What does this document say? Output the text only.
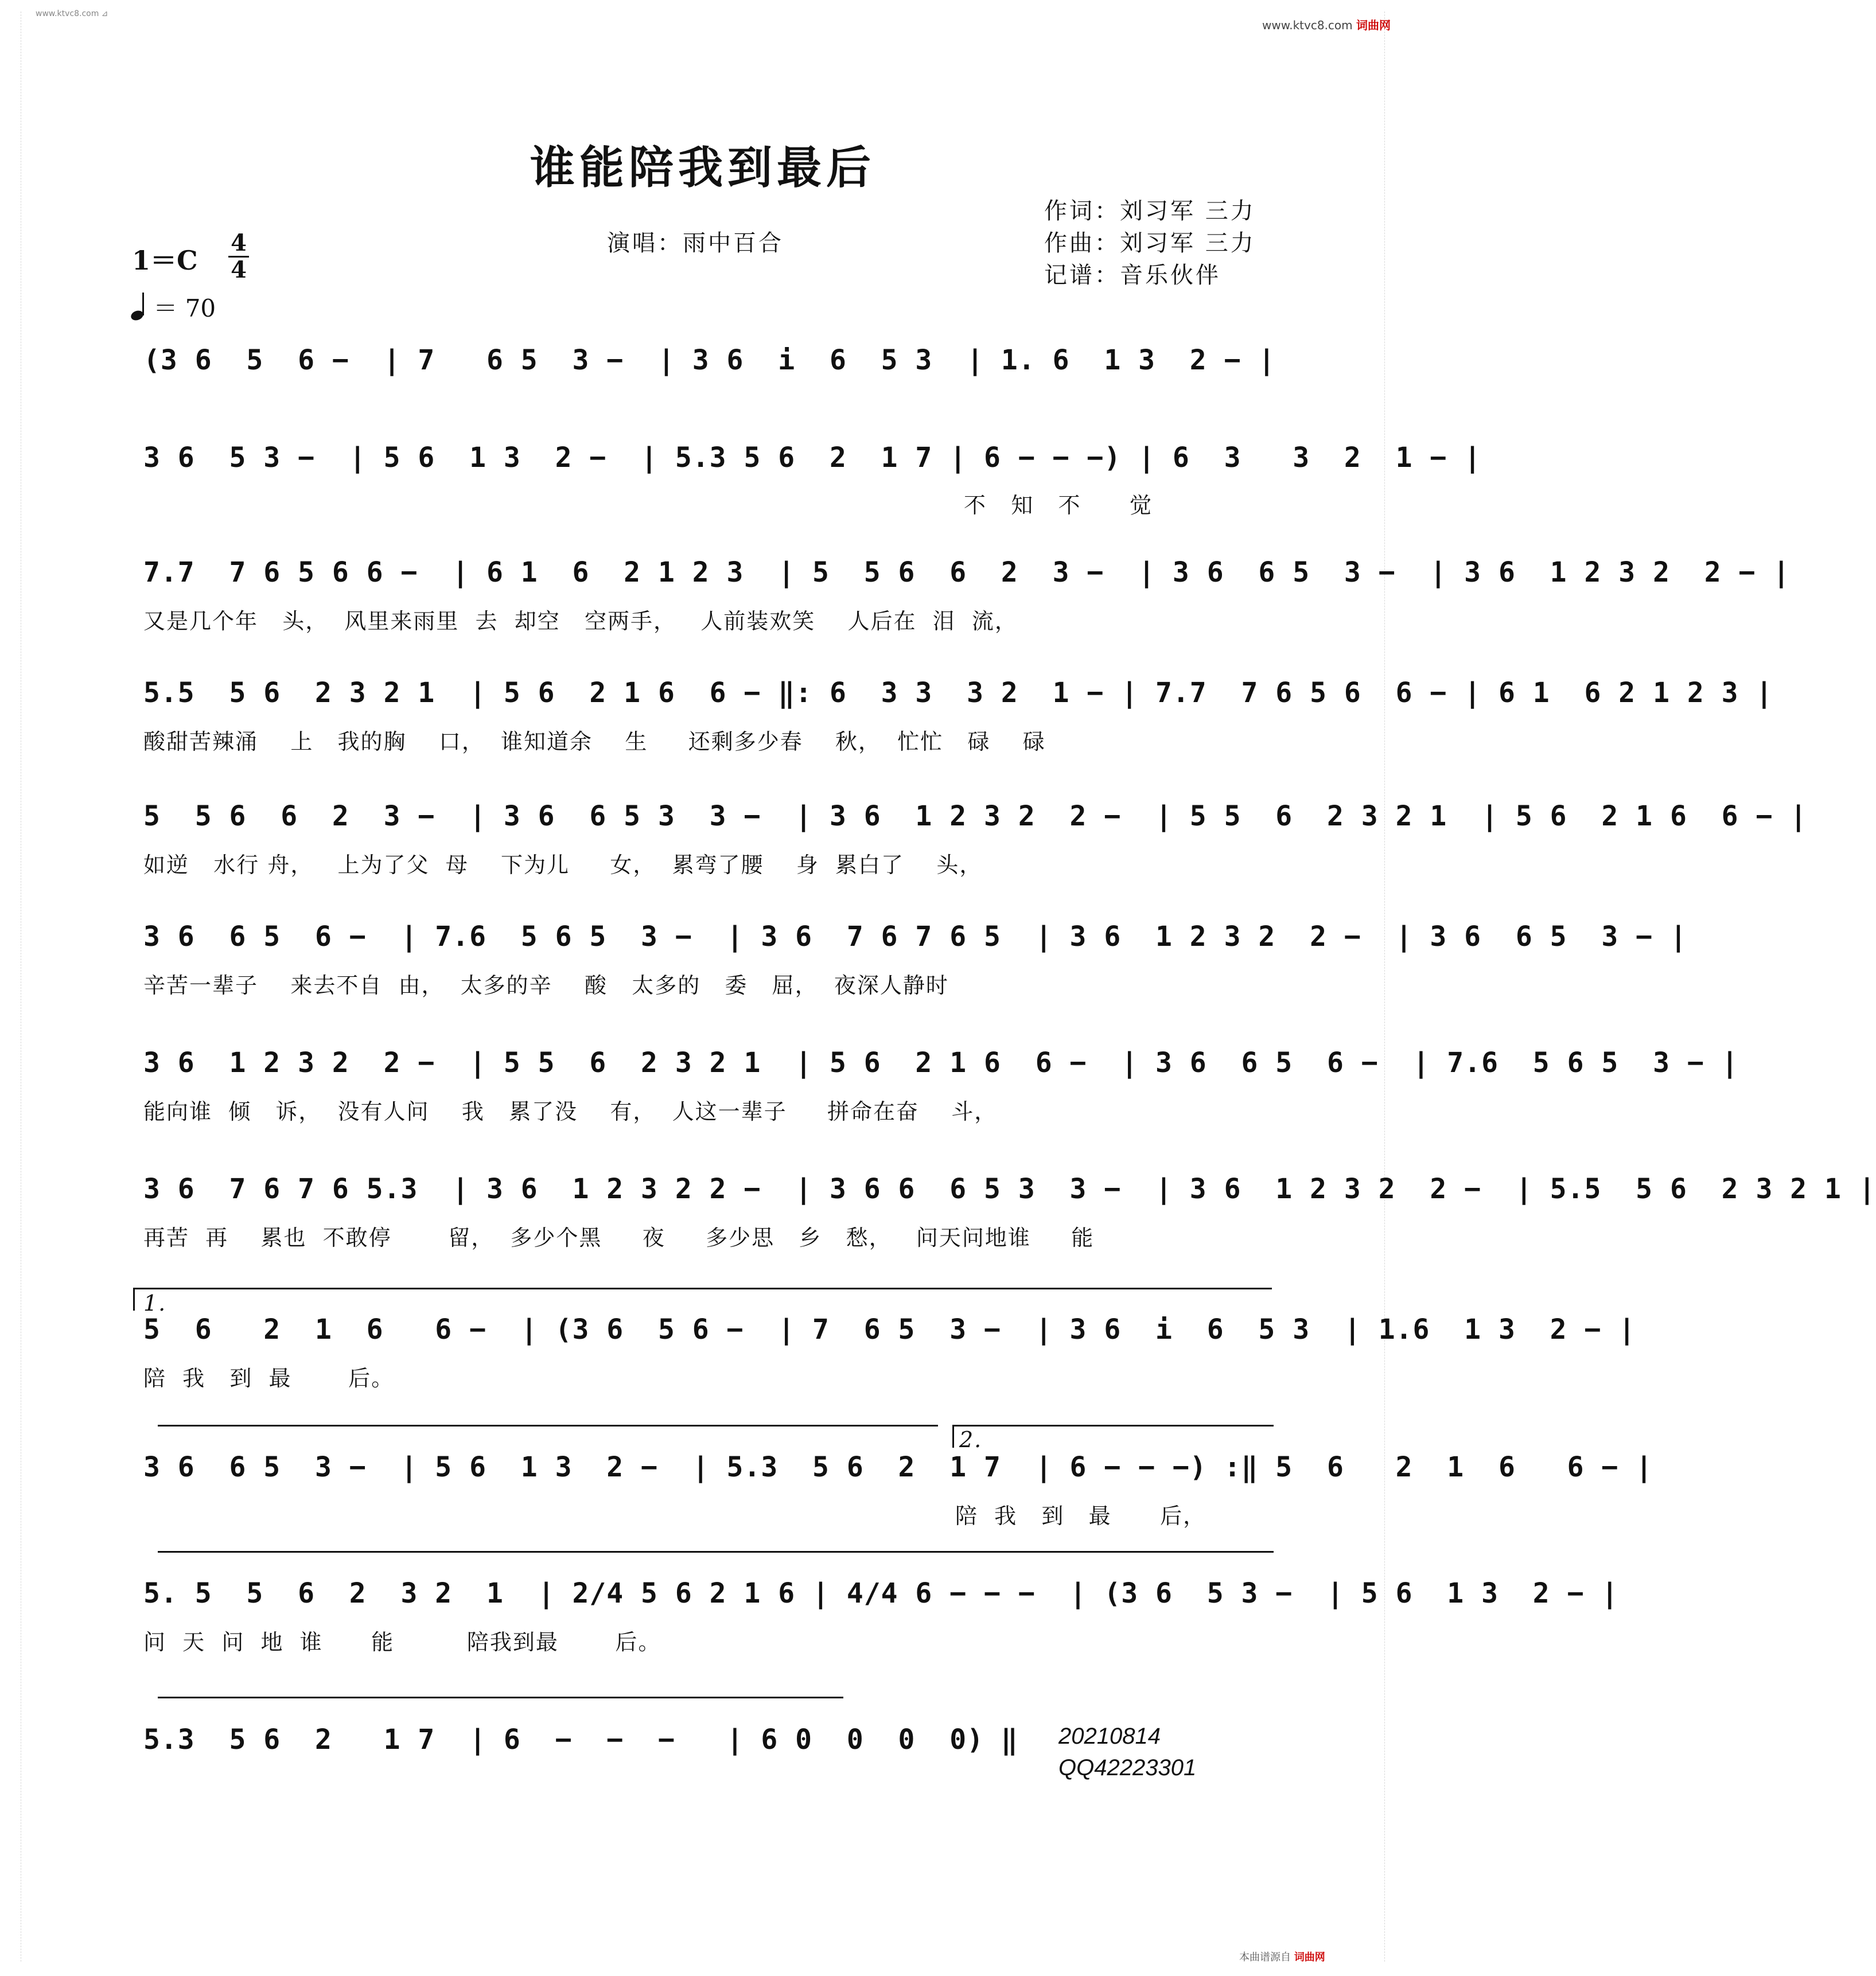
www.ktvc8.com ⊿
www.ktvc8.com 词曲网
谁能陪我到最后
演唱：雨中百合
作词：刘习军 三力
作曲：刘习军 三力
记谱：音乐伙伴
1＝C
4
4
＝ 70
(3 6  5  6 −  | 7   6 5  3 −  | 3 6  i  6  5 3  | 1. 6  1 3  2 − |
3 6  5 3 −  | 5 6  1 3  2 −  | 5.3 5 6  2  1 7 | 6 − − −) | 6  3   3  2  1 − |
不   知   不      觉
7.7  7 6 5 6 6 −  | 6 1  6  2 1 2 3  | 5  5 6  6  2  3 −  | 3 6  6 5  3 −  | 3 6  1 2 3 2  2 − |
又是几个年   头，  风里来雨里  去  却空   空两手，   人前装欢笑    人后在  泪  流，
5.5  5 6  2 3 2 1  | 5 6  2 1 6  6 − ‖: 6  3 3  3 2  1 − | 7.7  7 6 5 6  6 − | 6 1  6 2 1 2 3 |
酸甜苦辣涌    上   我的胸    口，  谁知道余    生     还剩多少春    秋，  忙忙   碌    碌
5  5 6  6  2  3 −  | 3 6  6 5 3  3 −  | 3 6  1 2 3 2  2 −  | 5 5  6  2 3 2 1  | 5 6  2 1 6  6 − |
如逆   水行 舟，   上为了父  母    下为儿     女，  累弯了腰    身  累白了    头，
3 6  6 5  6 −  | 7.6  5 6 5  3 −  | 3 6  7 6 7 6 5  | 3 6  1 2 3 2  2 −  | 3 6  6 5  3 − |
辛苦一辈子    来去不自  由，  太多的辛    酸   太多的   委   屈，  夜深人静时
3 6  1 2 3 2  2 −  | 5 5  6  2 3 2 1  | 5 6  2 1 6  6 −  | 3 6  6 5  6 −  | 7.6  5 6 5  3 − |
能向谁  倾   诉，  没有人问    我   累了没    有，  人这一辈子     拼命在奋    斗，
3 6  7 6 7 6 5.3  | 3 6  1 2 3 2 2 −  | 3 6 6  6 5 3  3 −  | 3 6  1 2 3 2  2 −  | 5.5  5 6  2 3 2 1 |
再苦  再    累也  不敢停       留，  多少个黑     夜     多少思   乡   愁，   问天问地谁     能
1.
5  6   2  1  6   6 −  | (3 6  5 6 −  | 7  6 5  3 −  | 3 6  i  6  5 3  | 1.6  1 3  2 − |
陪  我   到  最       后。
2.
3 6  6 5  3 −  | 5 6  1 3  2 −  | 5.3  5 6  2  1 7  | 6 − − −) :‖ 5  6   2  1  6   6 − |
陪  我   到   最      后，
5. 5  5  6  2  3 2  1  | 2/4 5 6 2 1 6 | 4/4 6 − − −  | (3 6  5 3 −  | 5 6  1 3  2 − |
问  天  问  地  谁      能         陪我到最       后。
5.3  5 6  2   1 7  | 6  −  −  −   | 6 0  0  0  0) ‖ 20210814
QQ42223301
本曲谱源自 词曲网
